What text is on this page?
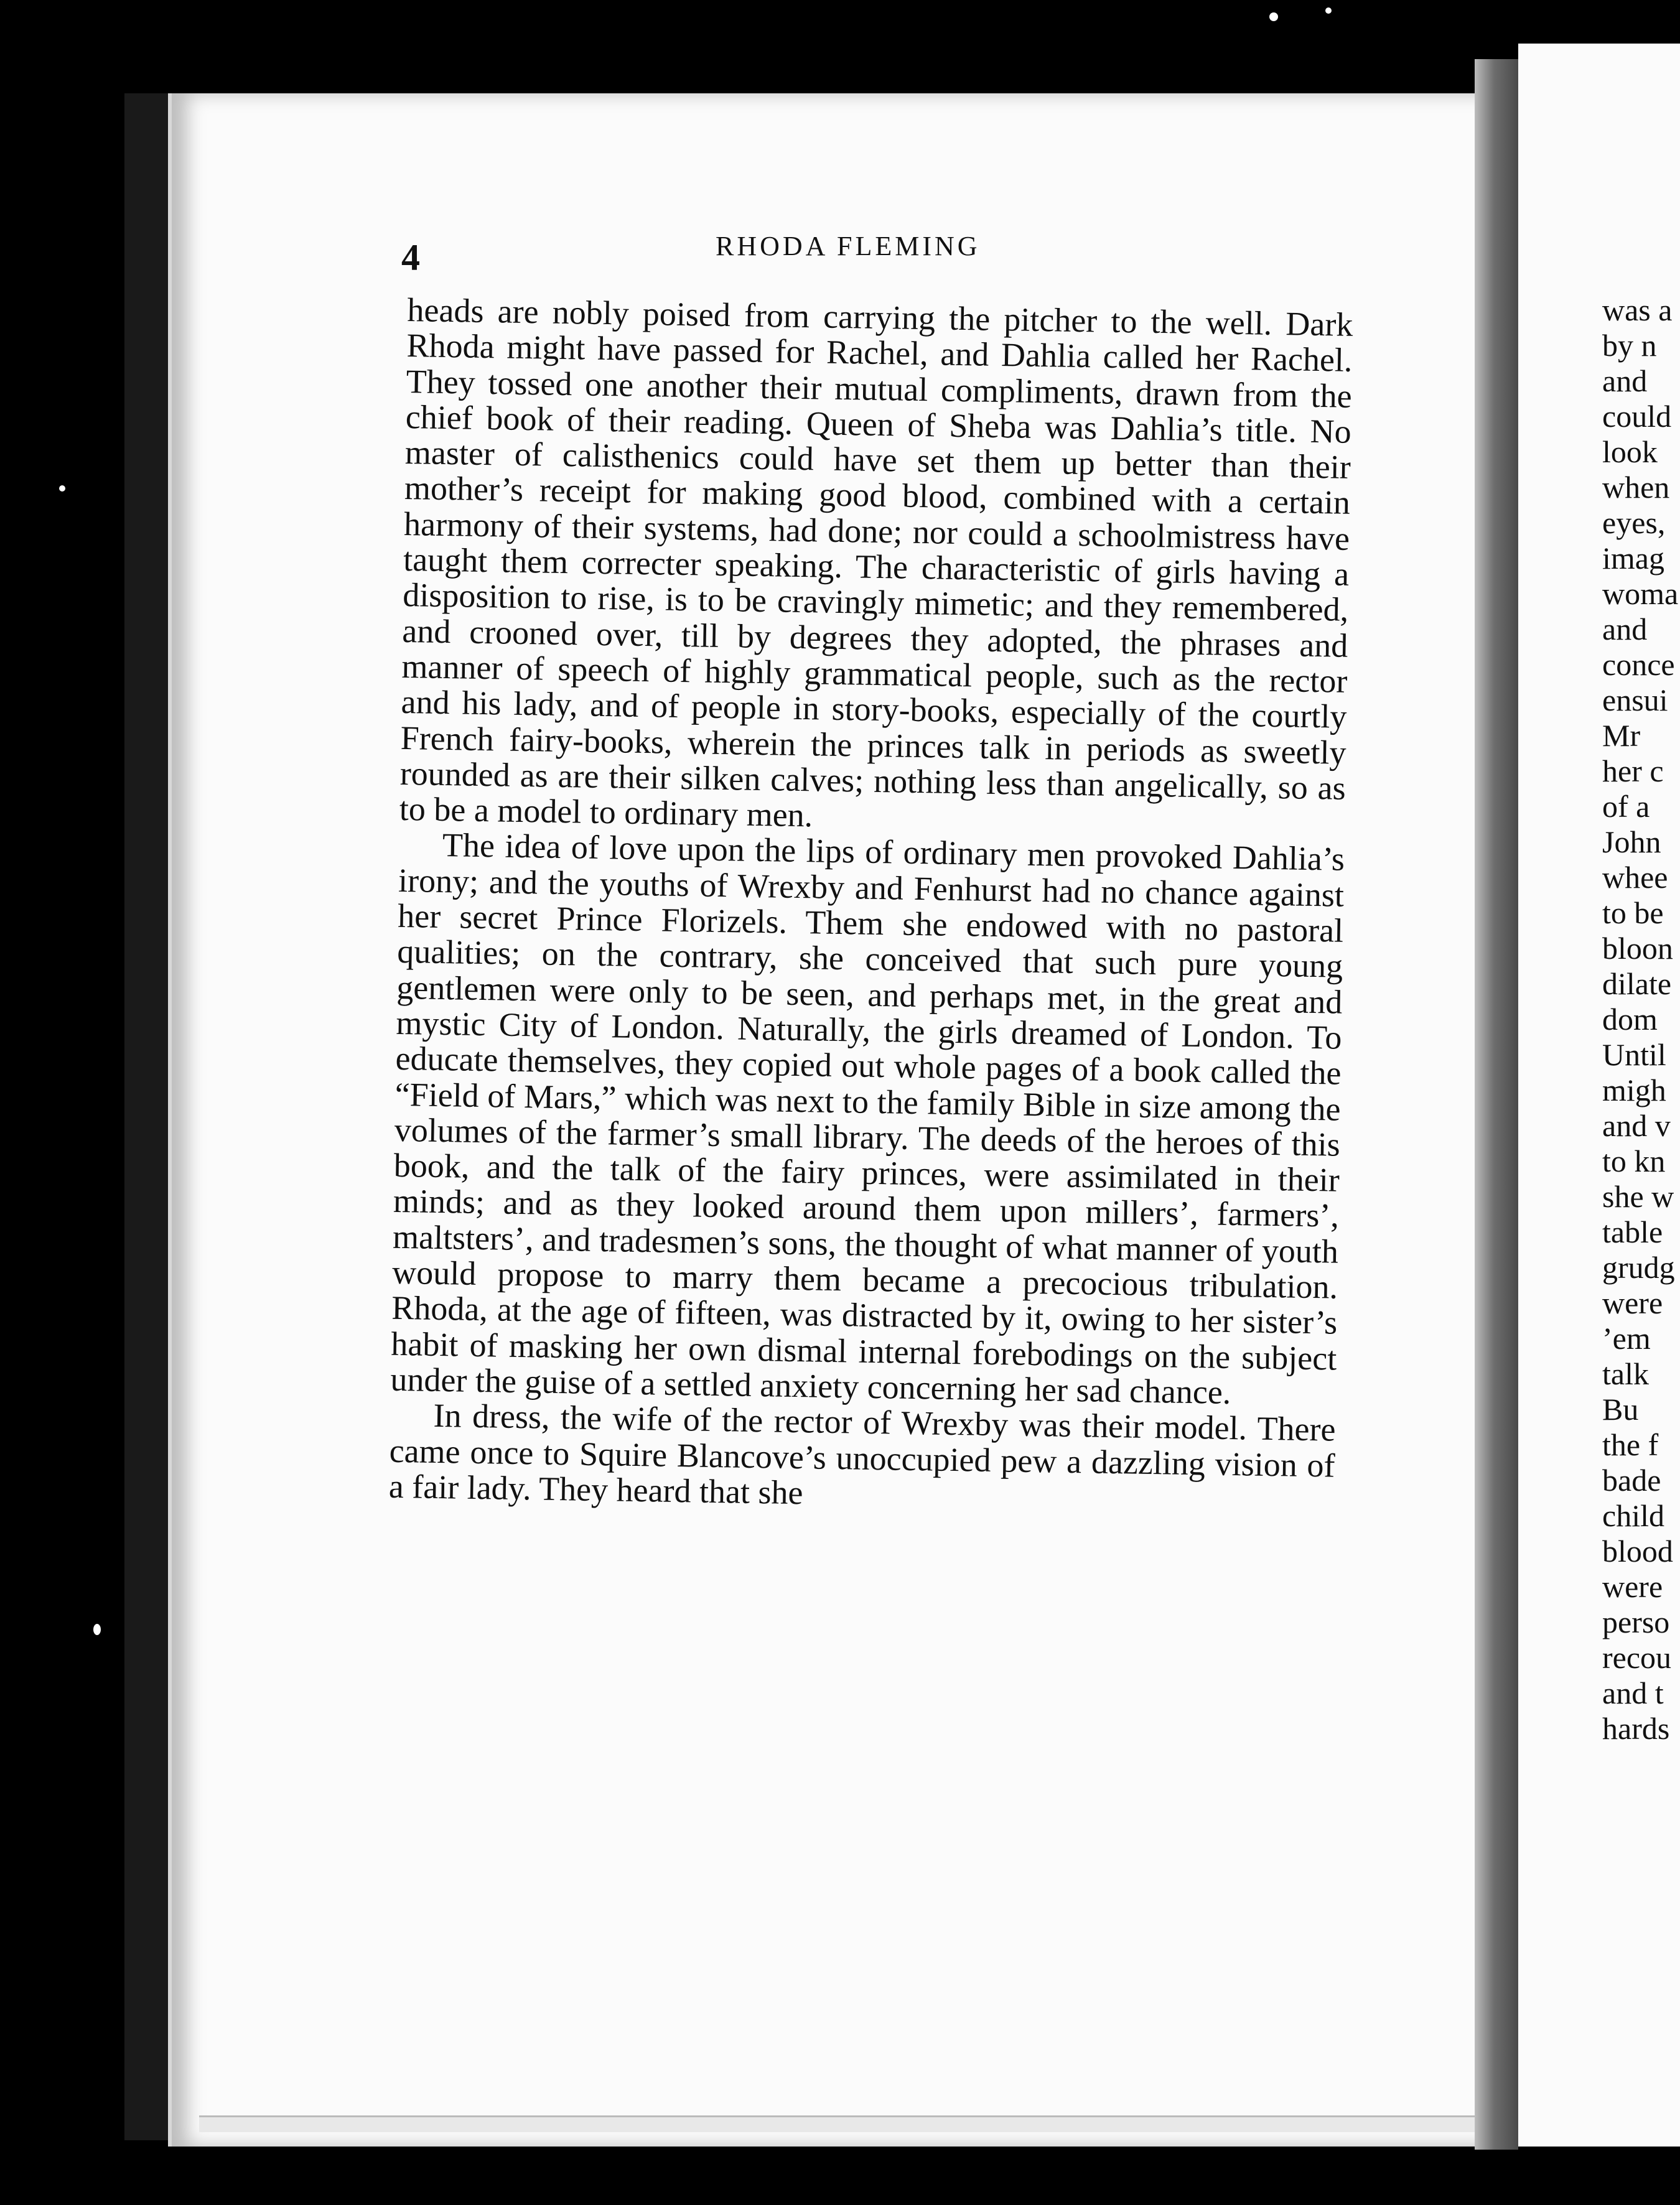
4	RHODA FLEMING

heads are nobly poised from carrying the pitcher to the well. Dark Rhoda might have passed for Rachel, and Dahlia called her Rachel. They tossed one another their mutual compliments, drawn from the chief book of their reading. Queen of Sheba was Dahlia’s title. No master of calisthenics could have set them up better than their mother’s receipt for making good blood, combined with a certain harmony of their systems, had done; nor could a schoolmistress have taught them correcter speaking. The characteristic of girls having a disposition to rise, is to be cravingly mimetic; and they remembered, and crooned over, till by degrees they adopted, the phrases and manner of speech of highly grammatical people, such as the rector and his lady, and of people in story-books, especially of the courtly French fairy-books, wherein the princes talk in periods as sweetly rounded as are their silken calves; nothing less than angelically, so as to be a model to ordinary men.

The idea of love upon the lips of ordinary men provoked Dahlia’s irony; and the youths of Wrexby and Fenhurst had no chance against her secret Prince Florizels. Them she endowed with no pastoral qualities; on the contrary, she conceived that such pure young gentlemen were only to be seen, and perhaps met, in the great and mystic City of London. Naturally, the girls dreamed of London. To educate themselves, they copied out whole pages of a book called the “Field of Mars,” which was next to the family Bible in size among the volumes of the farmer’s small library. The deeds of the heroes of this book, and the talk of the fairy princes, were assimilated in their minds; and as they looked around them upon millers’, farmers’, maltsters’, and tradesmen’s sons, the thought of what manner of youth would propose to marry them became a precocious tribulation. Rhoda, at the age of fifteen, was distracted by it, owing to her sister’s habit of masking her own dismal internal forebodings on the subject under the guise of a settled anxiety concerning her sad chance.

In dress, the wife of the rector of Wrexby was their model. There came once to Squire Blancove’s unoccupied pew a dazzling vision of a fair lady. They heard that she

was a
by n
and
could
look
when
eyes,
imag
woma
and
conce
ensui
Mr
her c
of a
John
whee
to be
bloon
dilate
dom
Until
migh
and v
to kn
she w
table
grudg
were
’em
talk
Bu
the f
bade
child
blood
were
perso
recou
and t
hards
